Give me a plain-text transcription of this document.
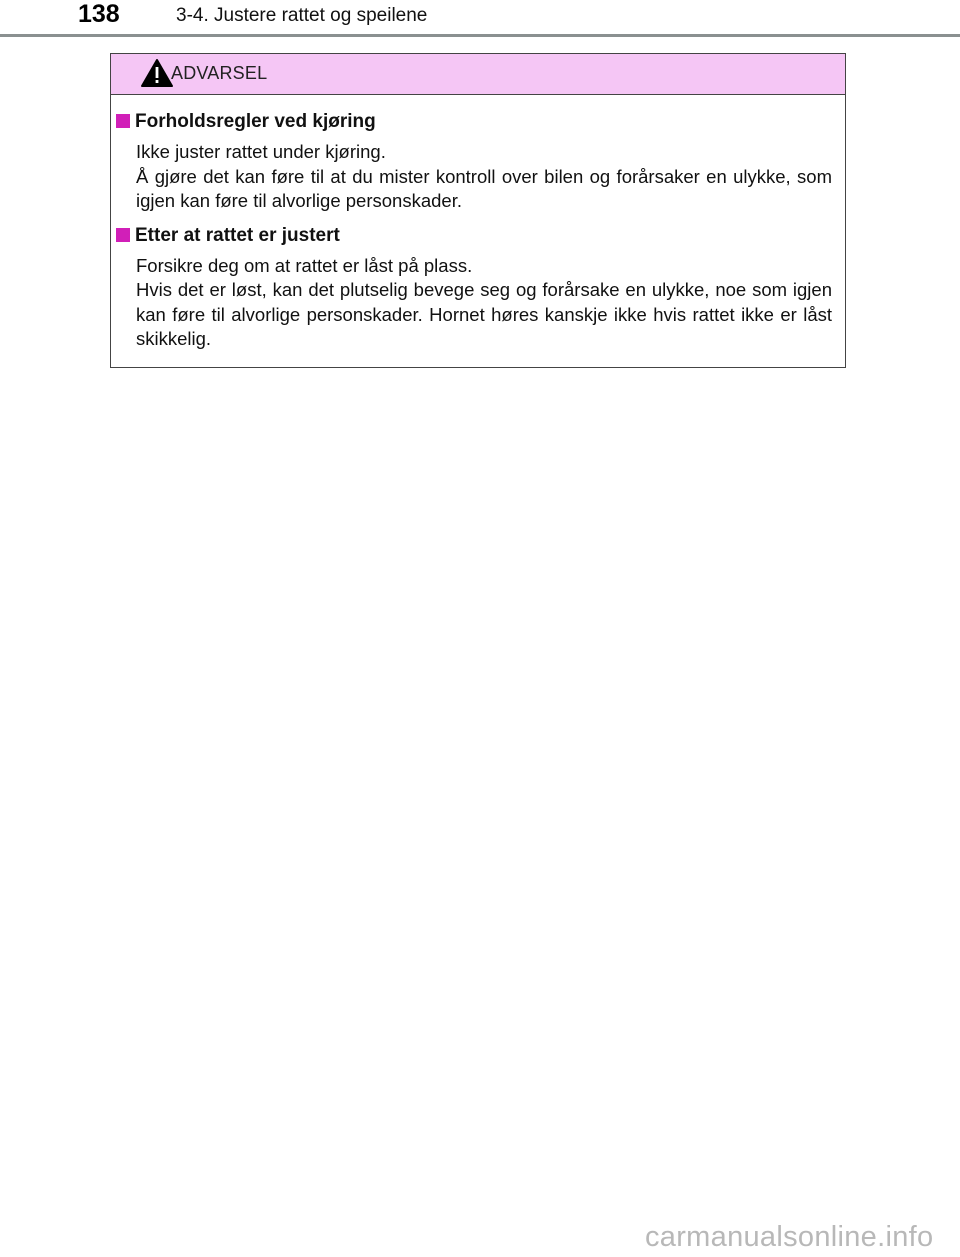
138	3-4. Justere rattet og speilene
ADVARSEL
Forholdsregler ved kjøring

Ikke juster rattet under kjøring.

Å gjøre det kan føre til at du mister kontroll over bilen og forårsaker en ulykke, som igjen kan føre til alvorlige personskader.

Etter at rattet er justert

Forsikre deg om at rattet er låst på plass.

Hvis det er løst, kan det plutselig bevege seg og forårsake en ulykke, noe som igjen kan føre til alvorlige personskader. Hornet høres kanskje ikke hvis rattet ikke er låst skikkelig.

carmanualsonline.info
